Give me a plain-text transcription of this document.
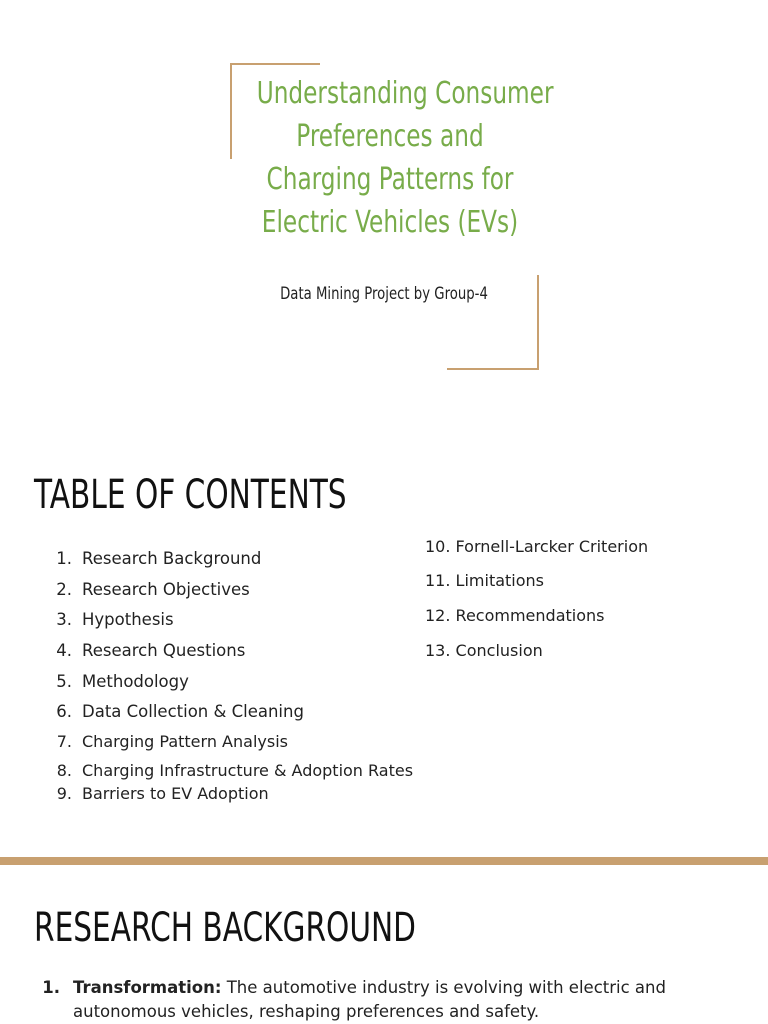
Understanding Consumer
Preferences and
Charging Patterns for
Electric Vehicles (EVs)
Data Mining Project by Group-4
TABLE OF CONTENTS
1. Research Background
2. Research Objectives
3. Hypothesis
4. Research Questions
5. Methodology
6. Data Collection & Cleaning
7. Charging Pattern Analysis
8. Charging Infrastructure & Adoption Rates
9. Barriers to EV Adoption
10. Fornell-Larcker Criterion
11. Limitations
12. Recommendations
13. Conclusion
RESEARCH BACKGROUND
1. Transformation: The automotive industry is evolving with electric and autonomous vehicles, reshaping preferences and safety.
